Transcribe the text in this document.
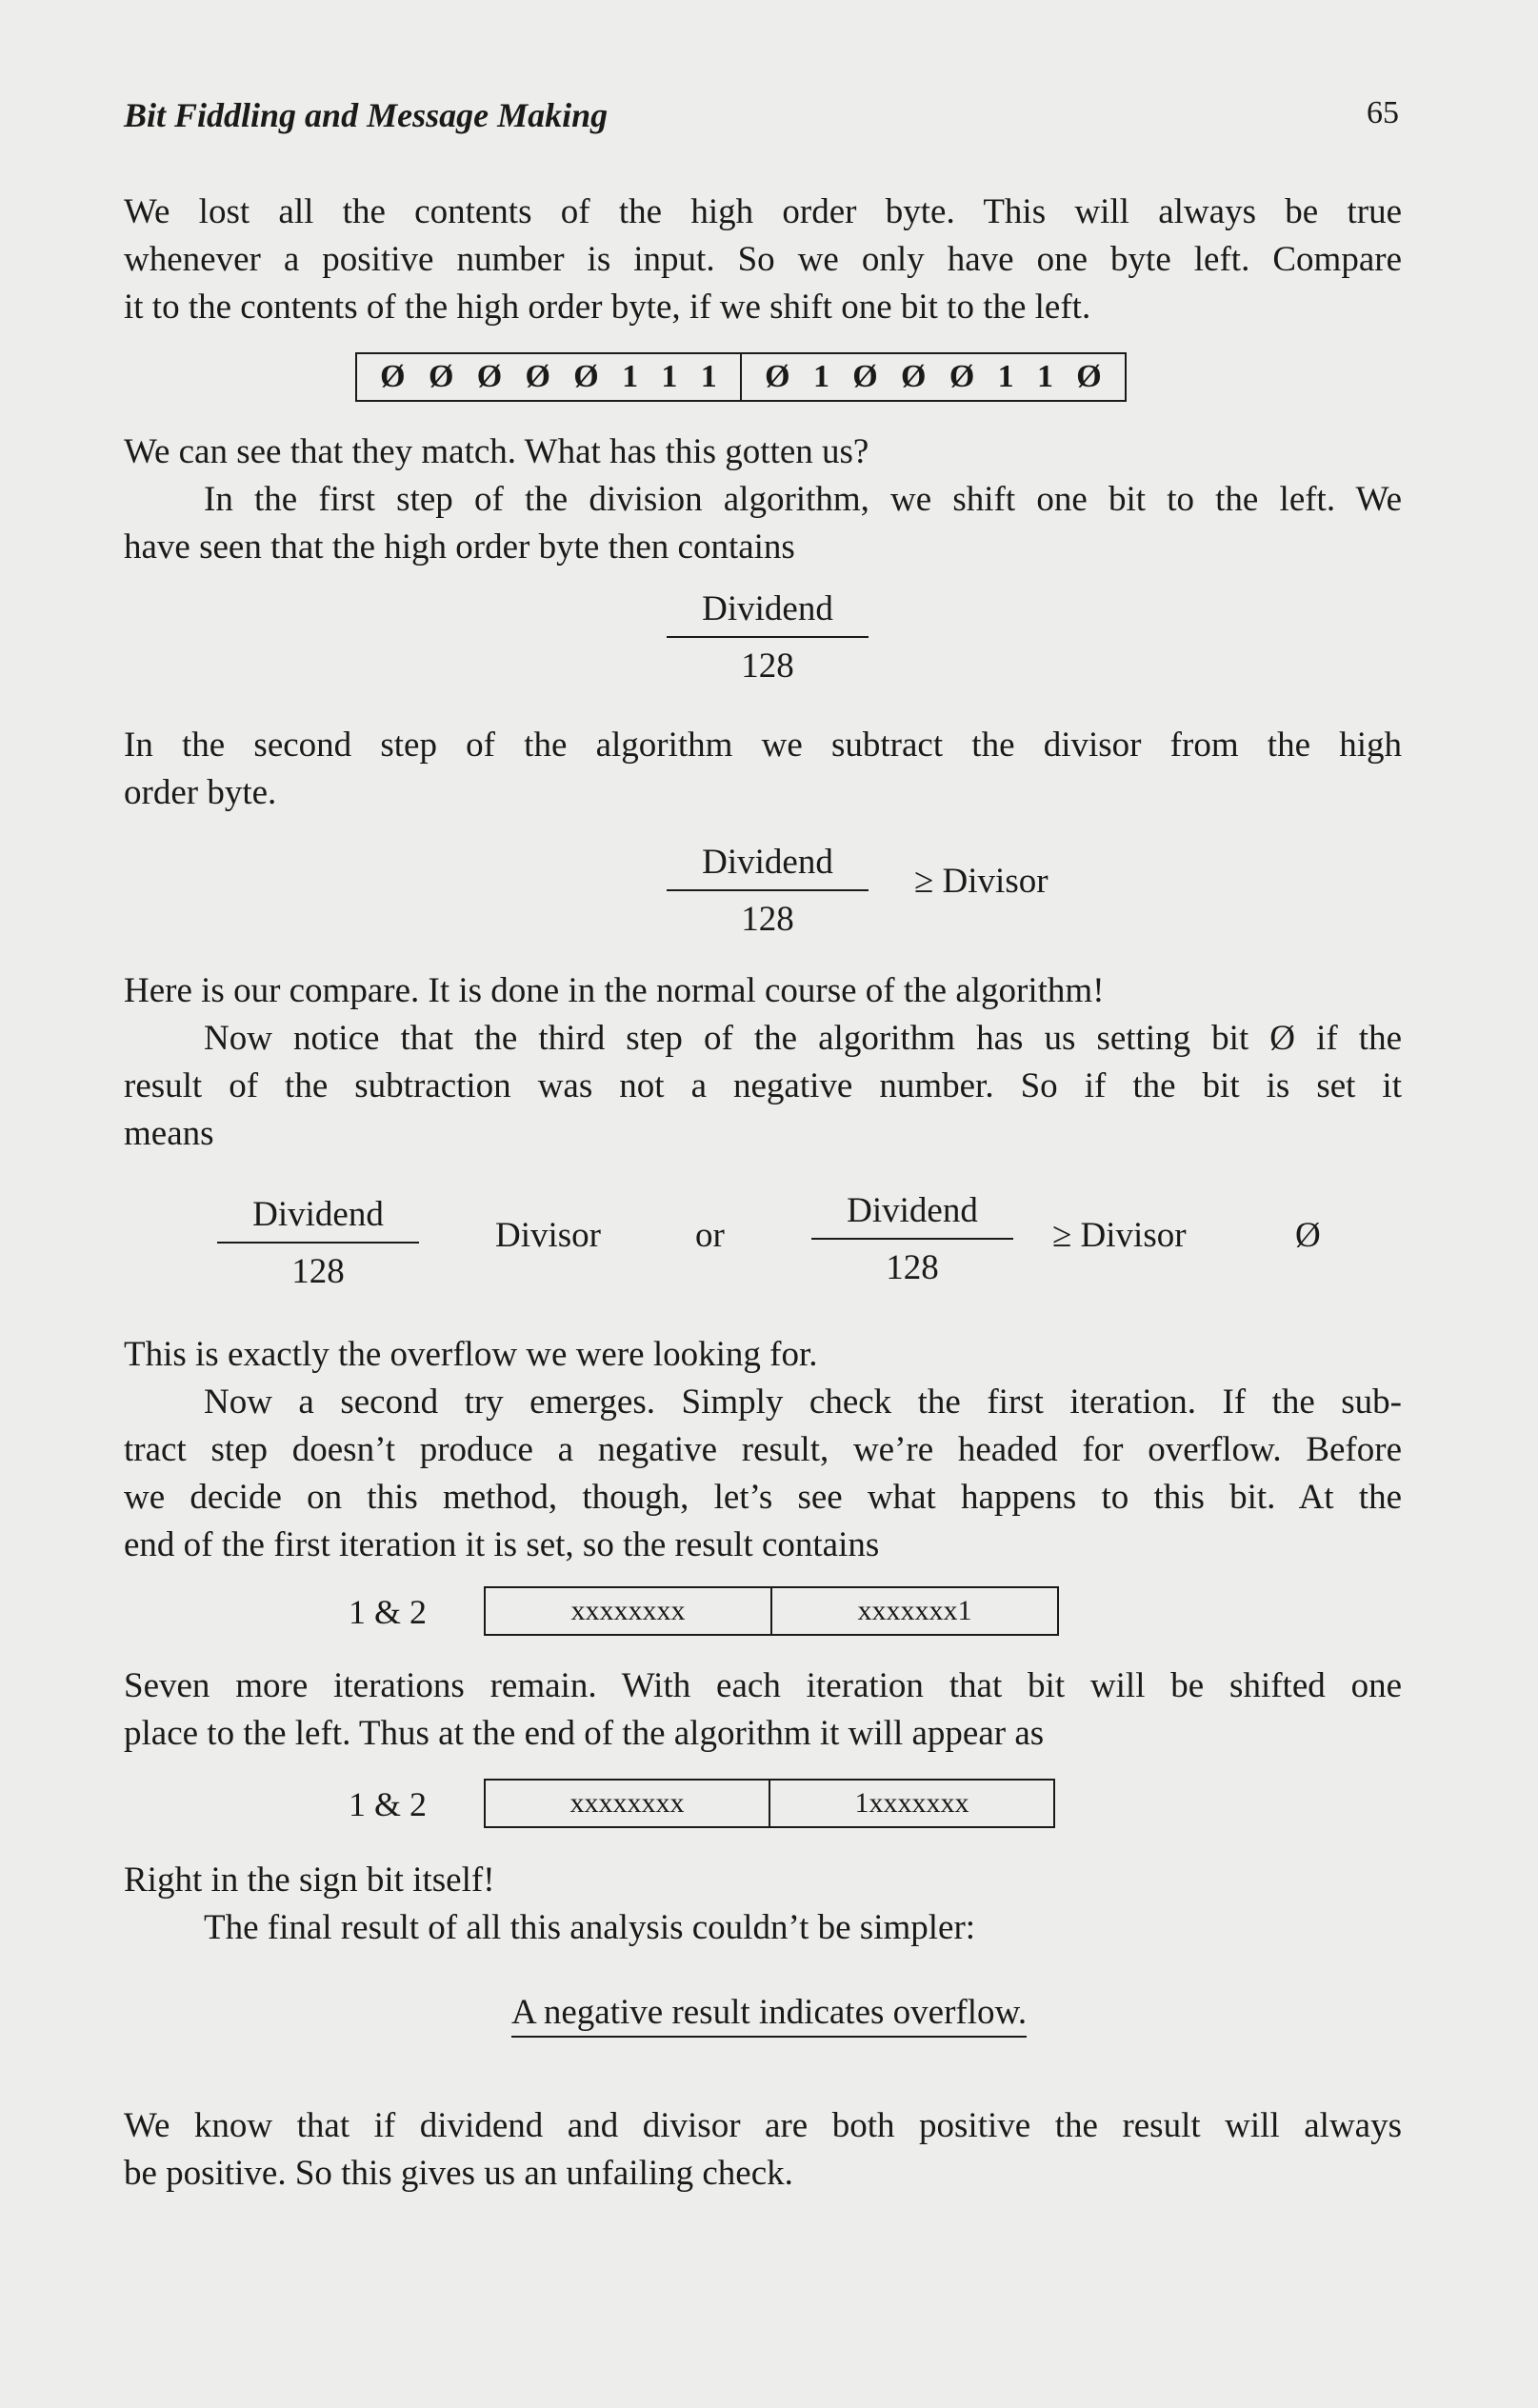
Bit Fiddling and Message Making	65
We lost all the contents of the high order byte. This will always be true
whenever a positive number is input. So we only have one byte left. Compare
it to the contents of the high order byte, if we shift one bit to the left.
Ø Ø Ø Ø Ø 1 1 1 Ø 1 Ø Ø Ø 1 1 Ø
We can see that they match. What has this gotten us?
In the first step of the division algorithm, we shift one bit to the left. We
have seen that the high order byte then contains
Dividend
128
In the second step of the algorithm we subtract the divisor from the high
order byte.
Dividend
128
≥ Divisor
Here is our compare. It is done in the normal course of the algorithm!
Now notice that the third step of the algorithm has us setting bit Ø if the
result of the subtraction was not a negative number. So if the bit is set it
means
Dividend
128
Divisor	or
Dividend
128
≥ Divisor	Ø
This is exactly the overflow we were looking for.
Now a second try emerges. Simply check the first iteration. If the sub-
tract step doesn’t produce a negative result, we’re headed for overflow. Before
we decide on this method, though, let’s see what happens to this bit. At the
end of the first iteration it is set, so the result contains
1 & 2	xxxxxxxx	xxxxxxx1
Seven more iterations remain. With each iteration that bit will be shifted one
place to the left. Thus at the end of the algorithm it will appear as
1 & 2	xxxxxxxx	1xxxxxxx
Right in the sign bit itself!
The final result of all this analysis couldn’t be simpler:
A negative result indicates overflow.
We know that if dividend and divisor are both positive the result will always
be positive. So this gives us an unfailing check.
